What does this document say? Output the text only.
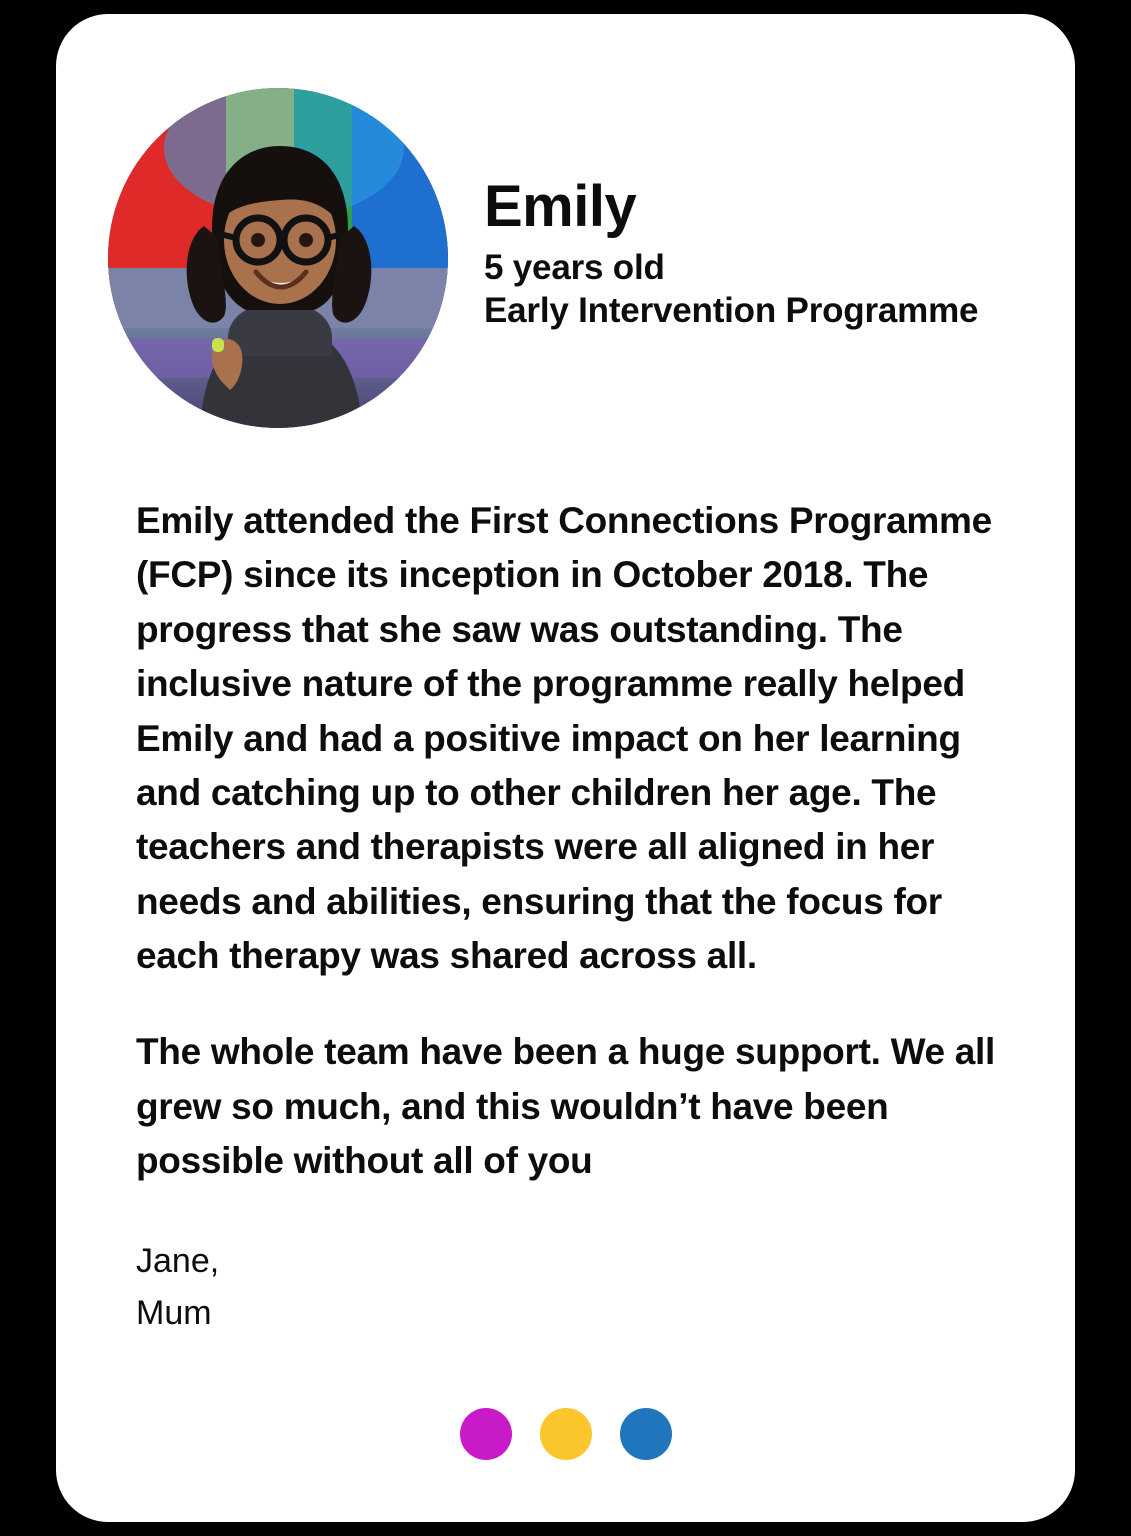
Emily
5 years old
Early Intervention Programme

Emily attended the First Connections Programme (FCP) since its inception in October 2018. The progress that she saw was outstanding. The inclusive nature of the programme really helped Emily and had a positive impact on her learning and catching up to other children her age. The teachers and therapists were all aligned in her needs and abilities, ensuring that the focus for each therapy was shared across all.

The whole team have been a huge support. We all grew so much, and this wouldn’t have been possible without all of you

Jane,
Mum
